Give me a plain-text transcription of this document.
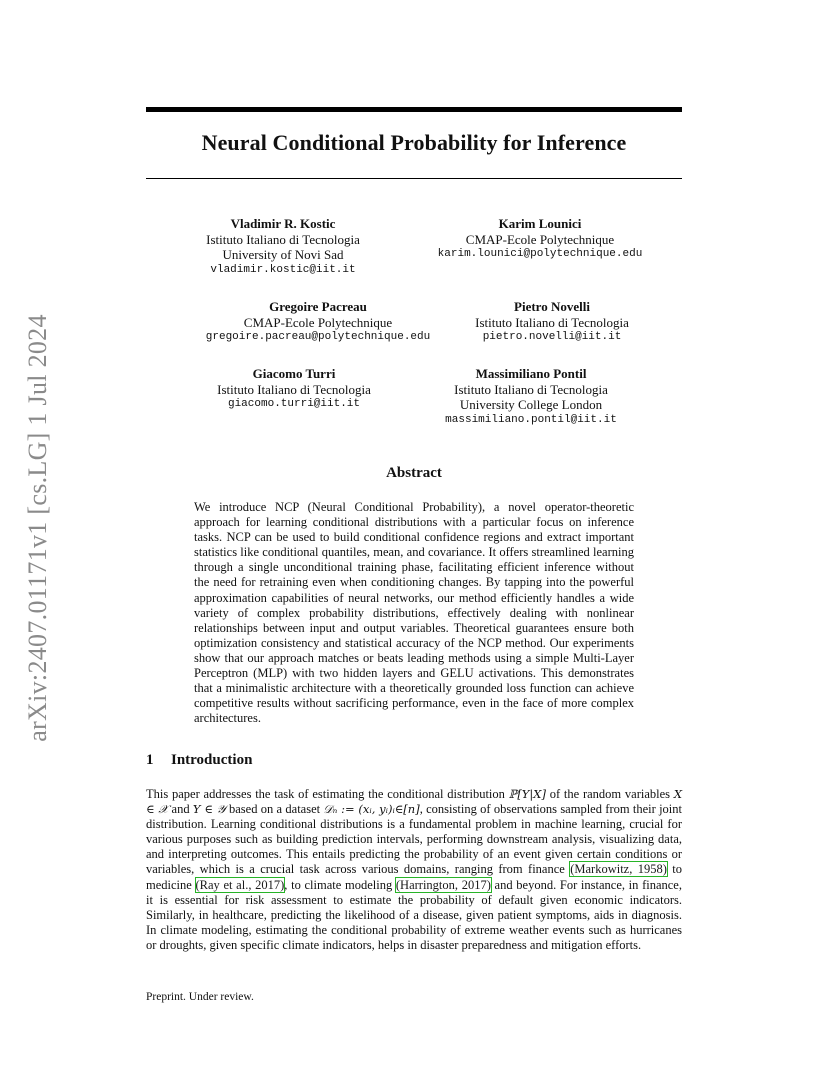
arXiv:2407.01171v1 [cs.LG] 1 Jul 2024
Neural Conditional Probability for Inference
Vladimir R. Kostic
Istituto Italiano di Tecnologia
University of Novi Sad
vladimir.kostic@iit.it
Karim Lounici
CMAP-Ecole Polytechnique
karim.lounici@polytechnique.edu
Gregoire Pacreau
CMAP-Ecole Polytechnique
gregoire.pacreau@polytechnique.edu
Pietro Novelli
Istituto Italiano di Tecnologia
pietro.novelli@iit.it
Giacomo Turri
Istituto Italiano di Tecnologia
giacomo.turri@iit.it
Massimiliano Pontil
Istituto Italiano di Tecnologia
University College London
massimiliano.pontil@iit.it
Abstract
We introduce NCP (Neural Conditional Probability), a novel operator-theoretic approach for learning conditional distributions with a particular focus on inference tasks. NCP can be used to build conditional confidence regions and extract important statistics like conditional quantiles, mean, and covariance. It offers streamlined learning through a single unconditional training phase, facilitating efficient inference without the need for retraining even when conditioning changes. By tapping into the powerful approximation capabilities of neural networks, our method efficiently handles a wide variety of complex probability distributions, effectively dealing with nonlinear relationships between input and output variables. Theoretical guarantees ensure both optimization consistency and statistical accuracy of the NCP method. Our experiments show that our approach matches or beats leading methods using a simple Multi-Layer Perceptron (MLP) with two hidden layers and GELU activations. This demonstrates that a minimalistic architecture with a theoretically grounded loss function can achieve competitive results without sacrificing performance, even in the face of more complex architectures.
1 Introduction
This paper addresses the task of estimating the conditional distribution ℙ[Y|X] of the random variables X ∈ 𝒳 and Y ∈ 𝒴 based on a dataset 𝒟ₙ := (xᵢ, yᵢ)ᵢ∈[n], consisting of observations sampled from their joint distribution. Learning conditional distributions is a fundamental problem in machine learning, crucial for various purposes such as building prediction intervals, performing downstream analysis, visualizing data, and interpreting outcomes. This entails predicting the probability of an event given certain conditions or variables, which is a crucial task across various domains, ranging from finance (Markowitz, 1958) to medicine (Ray et al., 2017), to climate modeling (Harrington, 2017) and beyond. For instance, in finance, it is essential for risk assessment to estimate the probability of default given economic indicators. Similarly, in healthcare, predicting the likelihood of a disease, given patient symptoms, aids in diagnosis. In climate modeling, estimating the conditional probability of extreme weather events such as hurricanes or droughts, given specific climate indicators, helps in disaster preparedness and mitigation efforts.
Preprint. Under review.
